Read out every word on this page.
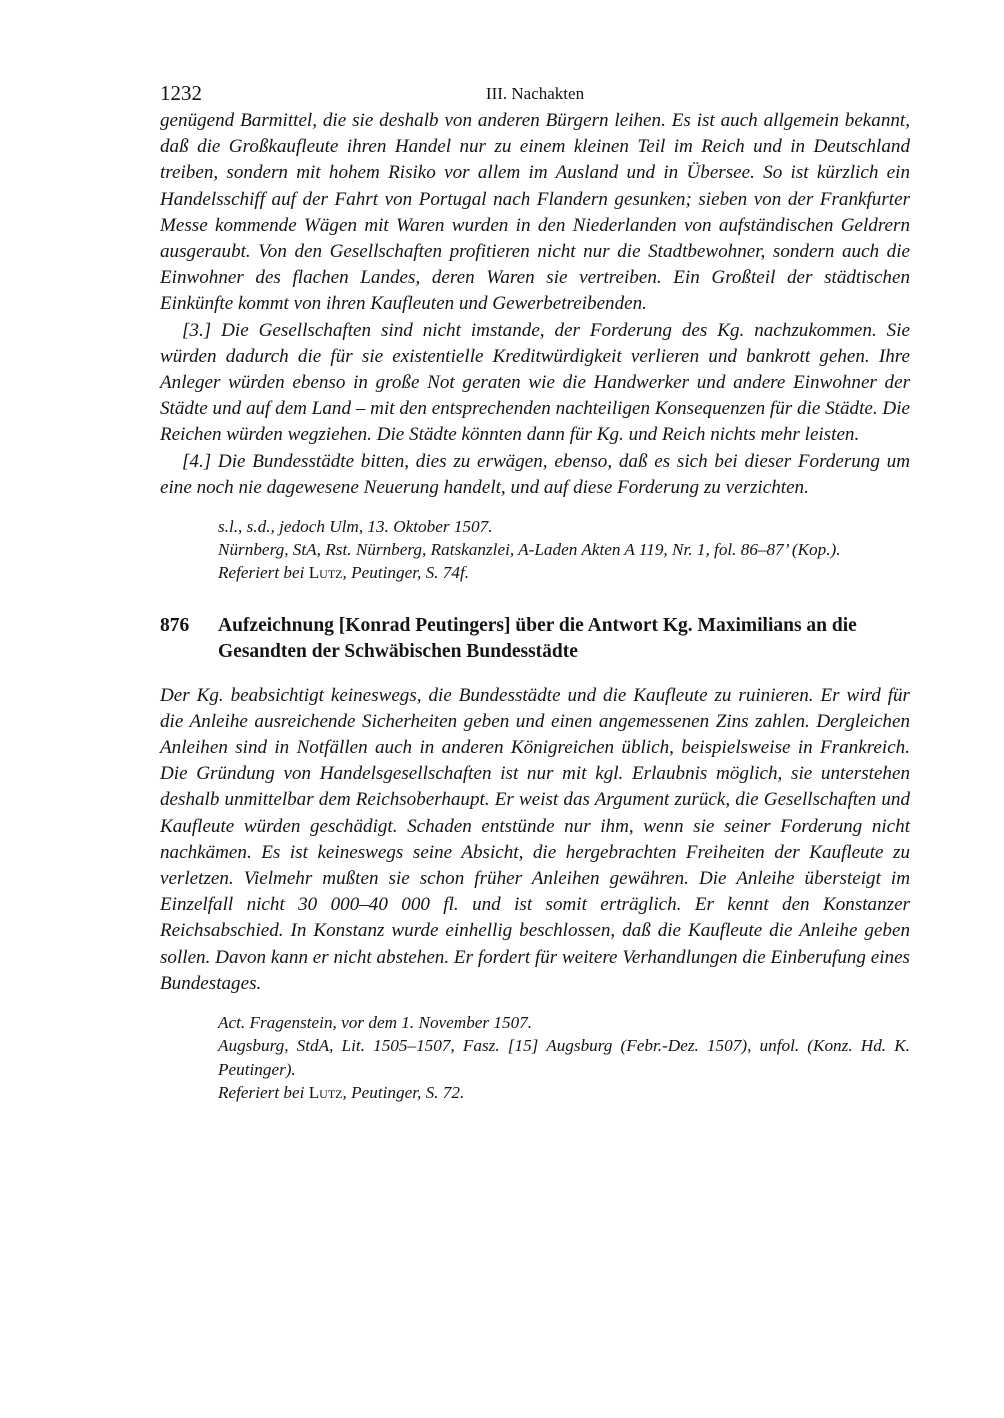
1232	III. Nachakten

genügend Barmittel, die sie deshalb von anderen Bürgern leihen. Es ist auch allgemein bekannt, daß die Großkaufleute ihren Handel nur zu einem kleinen Teil im Reich und in Deutschland treiben, sondern mit hohem Risiko vor allem im Ausland und in Übersee. So ist kürzlich ein Handelsschiff auf der Fahrt von Portugal nach Flandern gesunken; sieben von der Frankfurter Messe kommende Wägen mit Waren wurden in den Niederlanden von aufständischen Geldrern ausgeraubt. Von den Gesellschaften profitieren nicht nur die Stadtbewohner, sondern auch die Einwohner des flachen Landes, deren Waren sie vertreiben. Ein Großteil der städtischen Einkünfte kommt von ihren Kaufleuten und Gewerbetreibenden.

[3.] Die Gesellschaften sind nicht imstande, der Forderung des Kg. nachzukommen. Sie würden dadurch die für sie existentielle Kreditwürdigkeit verlieren und bankrott gehen. Ihre Anleger würden ebenso in große Not geraten wie die Handwerker und andere Einwohner der Städte und auf dem Land – mit den entsprechenden nachteiligen Konsequenzen für die Städte. Die Reichen würden wegziehen. Die Städte könnten dann für Kg. und Reich nichts mehr leisten.

[4.] Die Bundesstädte bitten, dies zu erwägen, ebenso, daß es sich bei dieser Forderung um eine noch nie dagewesene Neuerung handelt, und auf diese Forderung zu verzichten.

s.l., s.d., jedoch Ulm, 13. Oktober 1507.
Nürnberg, StA, Rst. Nürnberg, Ratskanzlei, A-Laden Akten A 119, Nr. 1, fol. 86–87’ (Kop.).
Referiert bei Lutz, Peutinger, S. 74f.
876	Aufzeichnung [Konrad Peutingers] über die Antwort Kg. Maximilians an die Gesandten der Schwäbischen Bundesstädte

Der Kg. beabsichtigt keineswegs, die Bundesstädte und die Kaufleute zu ruinieren. Er wird für die Anleihe ausreichende Sicherheiten geben und einen angemessenen Zins zahlen. Dergleichen Anleihen sind in Notfällen auch in anderen Königreichen üblich, beispielsweise in Frankreich. Die Gründung von Handelsgesellschaften ist nur mit kgl. Erlaubnis möglich, sie unterstehen deshalb unmittelbar dem Reichsoberhaupt. Er weist das Argument zurück, die Gesellschaften und Kaufleute würden geschädigt. Schaden entstünde nur ihm, wenn sie seiner Forderung nicht nachkämen. Es ist keineswegs seine Absicht, die hergebrachten Freiheiten der Kaufleute zu verletzen. Vielmehr mußten sie schon früher Anleihen gewähren. Die Anleihe übersteigt im Einzelfall nicht 30 000–40 000 fl. und ist somit erträglich. Er kennt den Konstanzer Reichsabschied. In Konstanz wurde einhellig beschlossen, daß die Kaufleute die Anleihe geben sollen. Davon kann er nicht abstehen. Er fordert für weitere Verhandlungen die Einberufung eines Bundestages.

Act. Fragenstein, vor dem 1. November 1507.
Augsburg, StdA, Lit. 1505–1507, Fasz. [15] Augsburg (Febr.-Dez. 1507), unfol. (Konz. Hd. K. Peutinger).
Referiert bei Lutz, Peutinger, S. 72.
